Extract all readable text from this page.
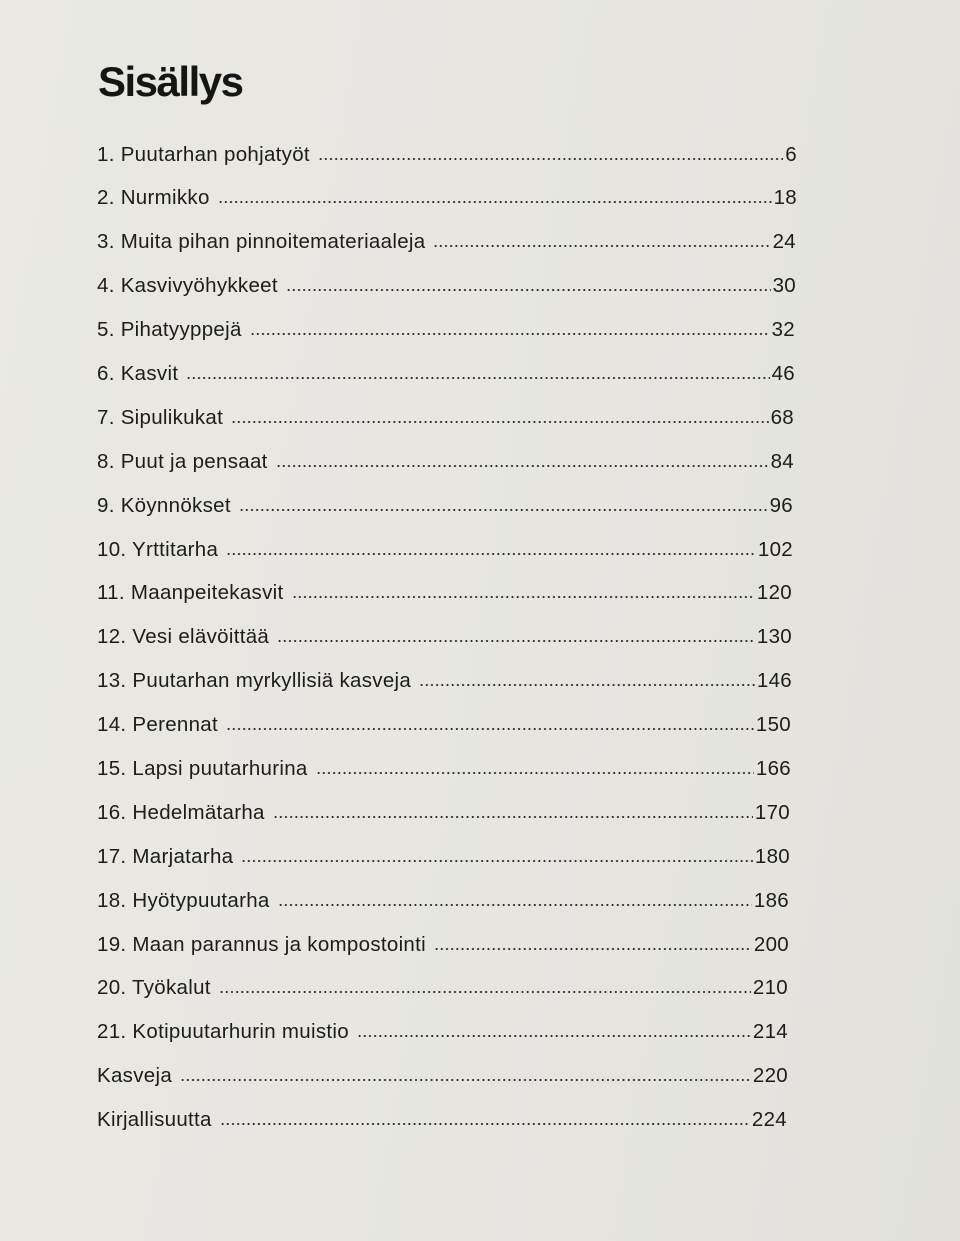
Sisällys
1. Puutarhan pohjatyöt	6
2. Nurmikko	18
3. Muita pihan pinnoitemateriaaleja	24
4. Kasvivyöhykkeet	30
5. Pihatyyppejä	32
6. Kasvit	46
7. Sipulikukat	68
8. Puut ja pensaat	84
9. Köynnökset	96
10. Yrttitarha	102
11. Maanpeitekasvit	120
12. Vesi elävöittää	130
13. Puutarhan myrkyllisiä kasveja	146
14. Perennat	150
15. Lapsi puutarhurina	166
16. Hedelmätarha	170
17. Marjatarha	180
18. Hyötypuutarha	186
19. Maan parannus ja kompostointi	200
20. Työkalut	210
21. Kotipuutarhurin muistio	214
Kasveja	220
Kirjallisuutta	224
